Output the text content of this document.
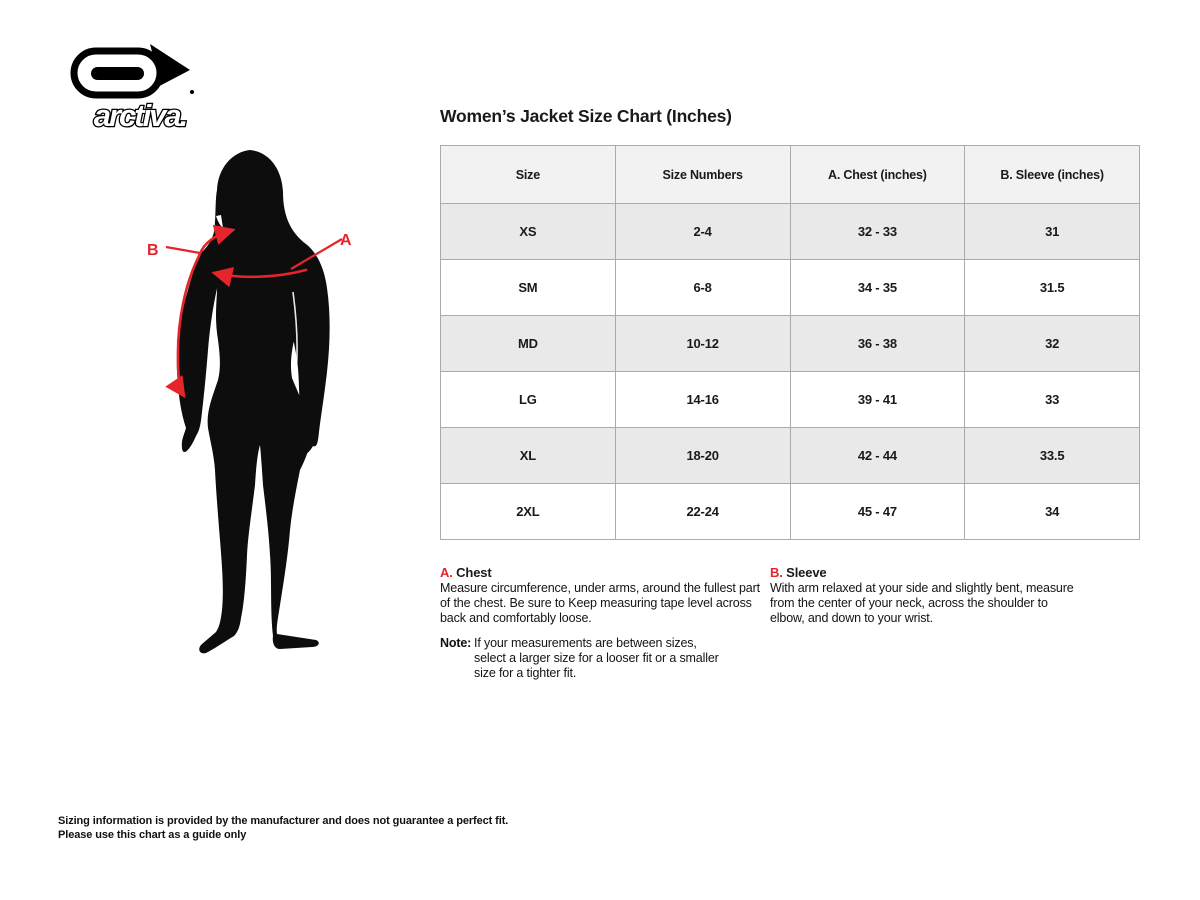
arctiva.
B
A
Women’s Jacket Size Chart (Inches)
Size	Size Numbers	A. Chest (inches)	B. Sleeve (inches)
XS	2-4	32 - 33	31
SM	6-8	34 - 35	31.5
MD	10-12	36 - 38	32
LG	14-16	39 - 41	33
XL	18-20	42 - 44	33.5
2XL	22-24	45 - 47	34
A. Chest
Measure circumference, under arms, around the fullest part of the chest. Be sure to Keep measuring tape level across back and comfortably loose.
Note: If your measurements are between sizes, select a larger size for a looser fit or a smaller size for a tighter fit.
B. Sleeve
With arm relaxed at your side and slightly bent, measure from the center of your neck, across the shoulder to elbow, and down to your wrist.
Sizing information is provided by the manufacturer and does not guarantee a perfect fit.
Please use this chart as a guide only
